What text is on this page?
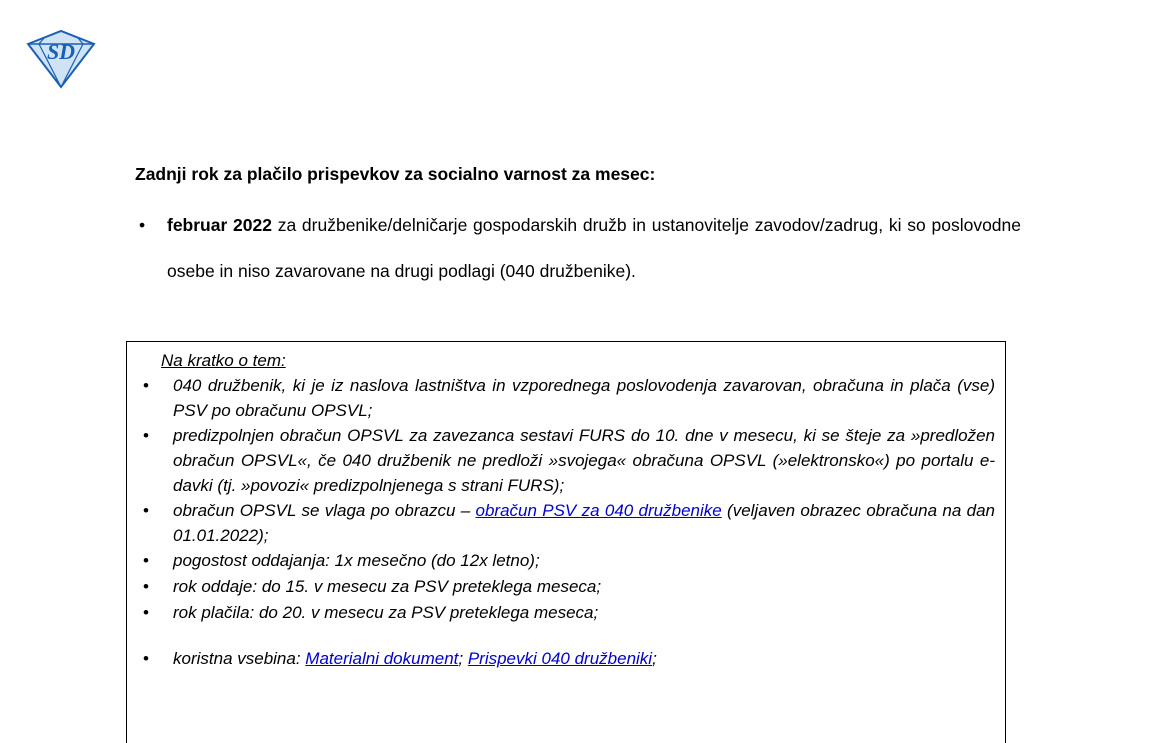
SD
Zadnji rok za plačilo prispevkov za socialno varnost za mesec:
• februar 2022 za družbenike/delničarje gospodarskih družb in ustanovitelje zavodov/zadrug, ki so poslovodne osebe in niso zavarovane na drugi podlagi (040 družbenike).
Na kratko o tem:
• 040 družbenik, ki je iz naslova lastništva in vzporednega poslovodenja zavarovan, obračuna in plača (vse) PSV po obračunu OPSVL;
• predizpolnjen obračun OPSVL za zavezanca sestavi FURS do 10. dne v mesecu, ki se šteje za »predložen obračun OPSVL«, če 040 družbenik ne predloži »svojega« obračuna OPSVL (»elektronsko«) po portalu e-davki (tj. »povozi« predizpolnjenega s strani FURS);
• obračun OPSVL se vlaga po obrazcu – obračun PSV za 040 družbenike (veljaven obrazec obračuna na dan 01.01.2022);
• pogostost oddajanja: 1x mesečno (do 12x letno);
• rok oddaje: do 15. v mesecu za PSV preteklega meseca;
• rok plačila: do 20. v mesecu za PSV preteklega meseca;
• koristna vsebina: Materialni dokument; Prispevki 040 družbeniki;
